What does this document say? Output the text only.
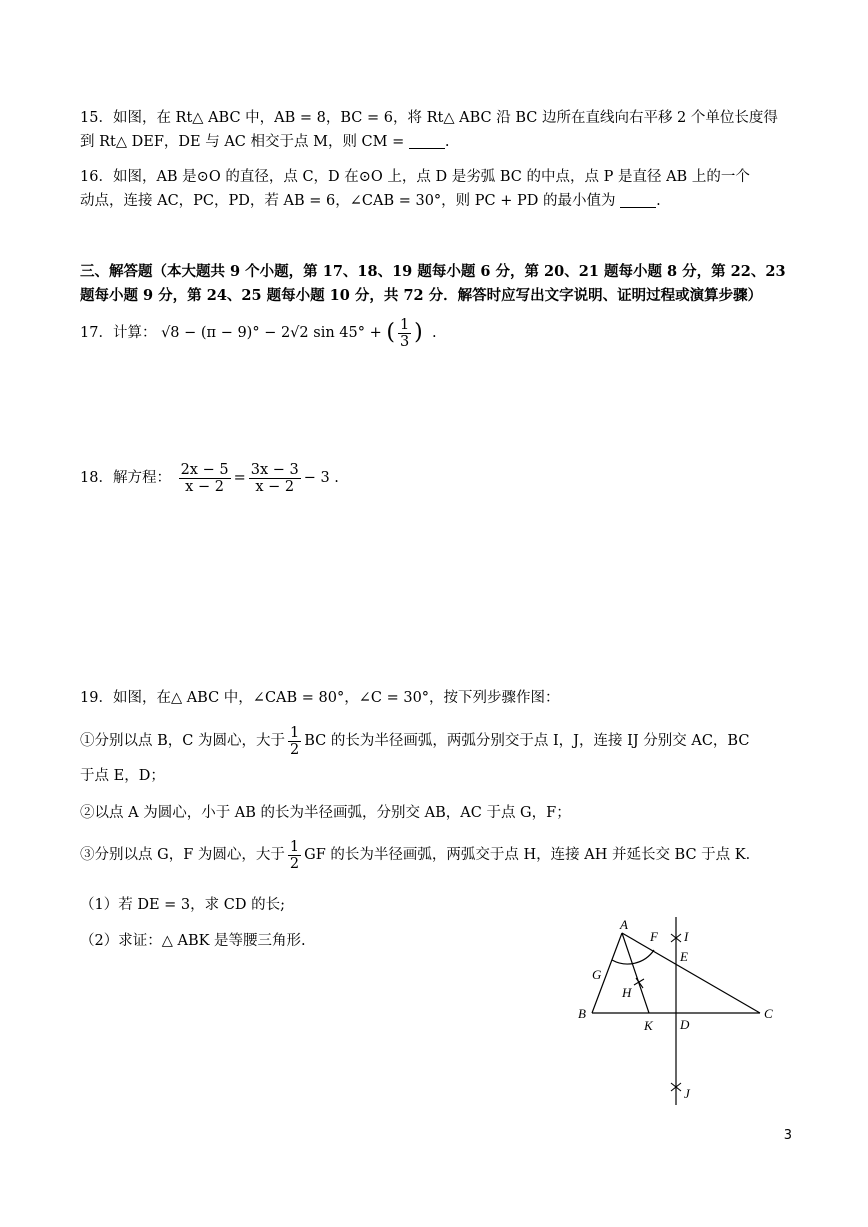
15．如图，在 Rt△ ABC 中，AB = 8，BC = 6，将 Rt△ ABC 沿 BC 边所在直线向右平移 2 个单位长度得
到 Rt△ DEF，DE 与 AC 相交于点 M，则 CM =	.
16．如图，AB 是⊙O 的直径，点 C，D 在⊙O 上，点 D 是劣弧 BC 的中点，点 P 是直径 AB 上的一个
动点，连接 AC，PC，PD，若 AB = 6，∠CAB = 30°，则 PC + PD 的最小值为	.
三、解答题（本大题共 9 个小题，第 17、18、19 题每小题 6 分，第 20、21 题每小题 8 分，第 22、23
题每小题 9 分，第 24、25 题每小题 10 分，共 72 分．解答时应写出文字说明、证明过程或演算步骤）
17．计算： √8 − (π − 9)° − 2√2 sin 45° + ( $\frac{1}{3}$ ) .
18．解方程： $\frac{2x - 5}{x - 2} = \frac{3x - 3}{x - 2} - 3$ .
19．如图，在△ ABC 中，∠CAB = 80°，∠C = 30°，按下列步骤作图：
①分别以点 B，C 为圆心，大于 $\frac{1}{2}$ BC 的长为半径画弧，两弧分别交于点 I，J，连接 IJ 分别交 AC，BC
于点 E，D；
②以点 A 为圆心，小于 AB 的长为半径画弧，分别交 AB，AC 于点 G，F；
③分别以点 G，F 为圆心，大于 $\frac{1}{2}$ GF 的长为半径画弧，两弧交于点 H，连接 AH 并延长交 BC 于点 K．
（1）若 DE = 3，求 CD 的长;
（2）求证：△ ABK 是等腰三角形.
A
B	C
D
E
F
G
H
I
J
K
3
